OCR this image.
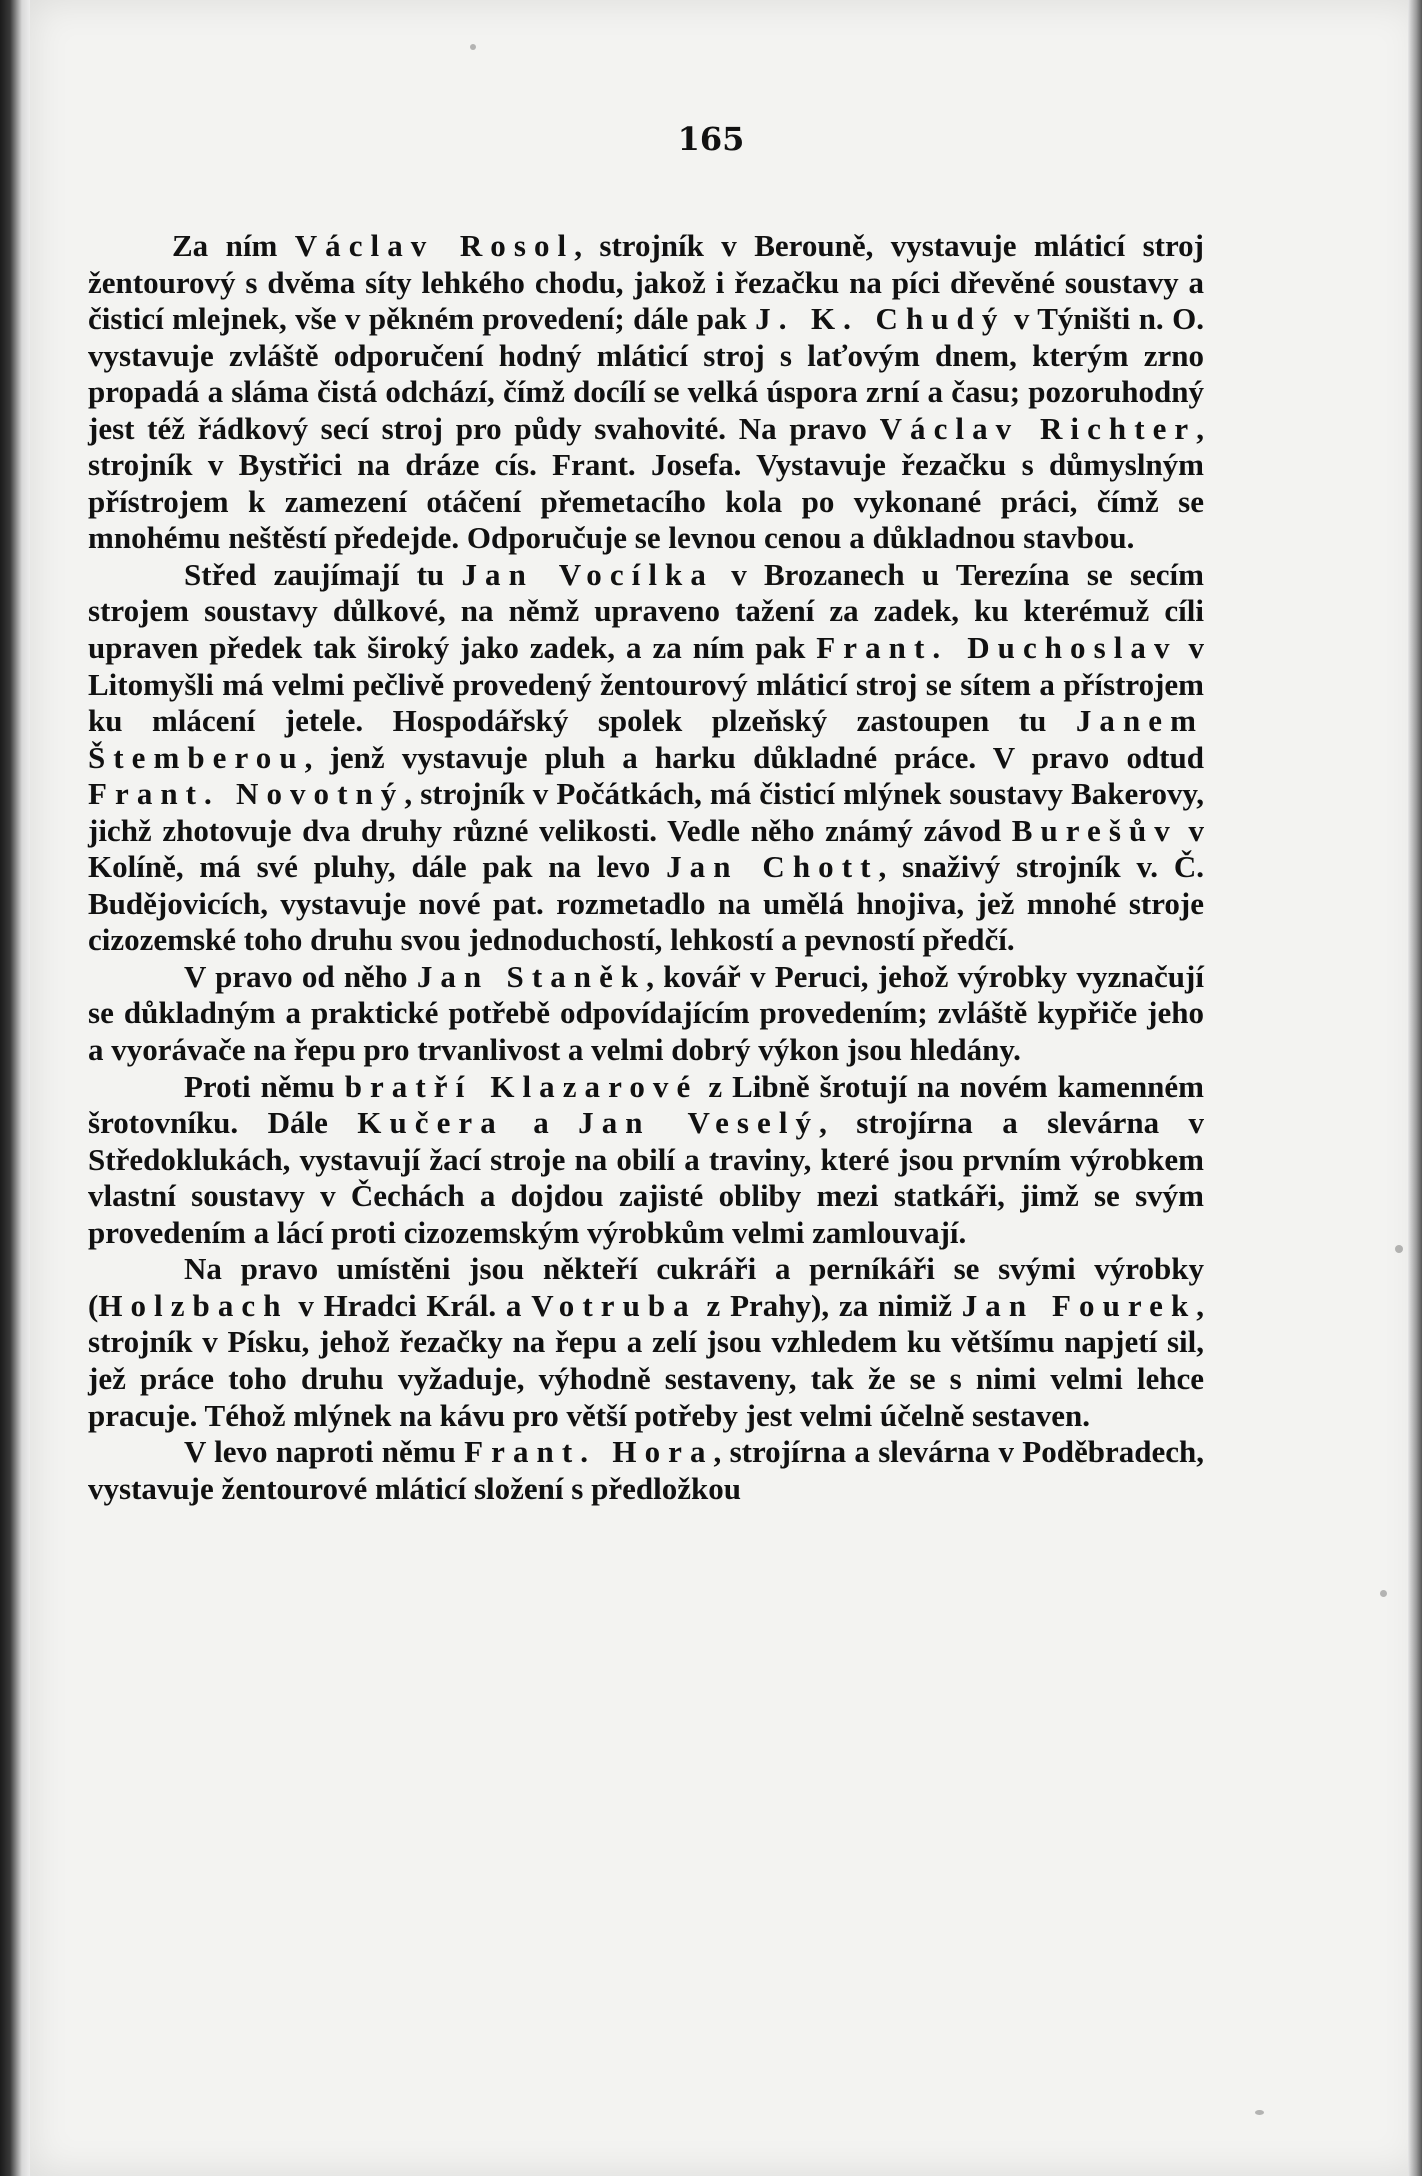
165

Za ním Václav Rosol, strojník v Berouně, vystavuje mláticí stroj žentourový s dvěma síty lehkého chodu, jakož i řezačku na píci dřevěné soustavy a čisticí mlejnek, vše v pěkném provedení; dále pak J. K. Chudý v Týništi n. O. vystavuje zvláště odporučení hodný mláticí stroj s laťovým dnem, kterým zrno propadá a sláma čistá odchází, čímž docílí se velká úspora zrní a času; pozoruhodný jest též řádkový secí stroj pro půdy svahovité. Na pravo Václav Richter, strojník v Bystřici na dráze cís. Frant. Josefa. Vystavuje řezačku s důmyslným přístrojem k zamezení otáčení přemetacího kola po vykonané práci, čímž se mnohému neštěstí předejde. Odporučuje se levnou cenou a důkladnou stavbou.

Střed zaujímají tu Jan Vocílka v Brozanech u Terezína se secím strojem soustavy důlkové, na němž upraveno tažení za zadek, ku kterémuž cíli upraven předek tak široký jako zadek, a za ním pak Frant. Duchoslav v Litomyšli má velmi pečlivě provedený žentourový mláticí stroj se sítem a přístrojem ku mlácení jetele. Hospodářský spolek plzeňský zastoupen tu Janem Štemberou, jenž vystavuje pluh a harku důkladné práce. V pravo odtud Frant. Novotný, strojník v Počátkách, má čisticí mlýnek soustavy Bakerovy, jichž zhotovuje dva druhy různé velikosti. Vedle něho známý závod Burešův v Kolíně, má své pluhy, dále pak na levo Jan Chott, snaživý strojník v. Č. Budějovicích, vystavuje nové pat. rozmetadlo na umělá hnojiva, jež mnohé stroje cizozemské toho druhu svou jednoduchostí, lehkostí a pevností předčí.

V pravo od něho Jan Staněk, kovář v Peruci, jehož výrobky vyznačují se důkladným a praktické potřebě odpovídajícím provedením; zvláště kypřiče jeho a vyorávače na řepu pro trvanlivost a velmi dobrý výkon jsou hledány.

Proti němu bratří Klazarové z Libně šrotují na novém kamenném šrotovníku. Dále Kučera a Jan Veselý, strojírna a slevárna v Středoklukách, vystavují žací stroje na obilí a traviny, které jsou prvním výrobkem vlastní soustavy v Čechách a dojdou zajisté obliby mezi statkáři, jimž se svým provedením a lácí proti cizozemským výrobkům velmi zamlouvají.

Na pravo umístěni jsou někteří cukráři a perníkáři se svými výrobky (Holzbach v Hradci Král. a Votruba z Prahy), za nimiž Jan Fourek, strojník v Písku, jehož řezačky na řepu a zelí jsou vzhledem ku většímu napjetí sil, jež práce toho druhu vyžaduje, výhodně sestaveny, tak že se s nimi velmi lehce pracuje. Téhož mlýnek na kávu pro větší potřeby jest velmi účelně sestaven.

V levo naproti němu Frant. Hora, strojírna a slevárna v Poděbradech, vystavuje žentourové mláticí složení s předložkou
